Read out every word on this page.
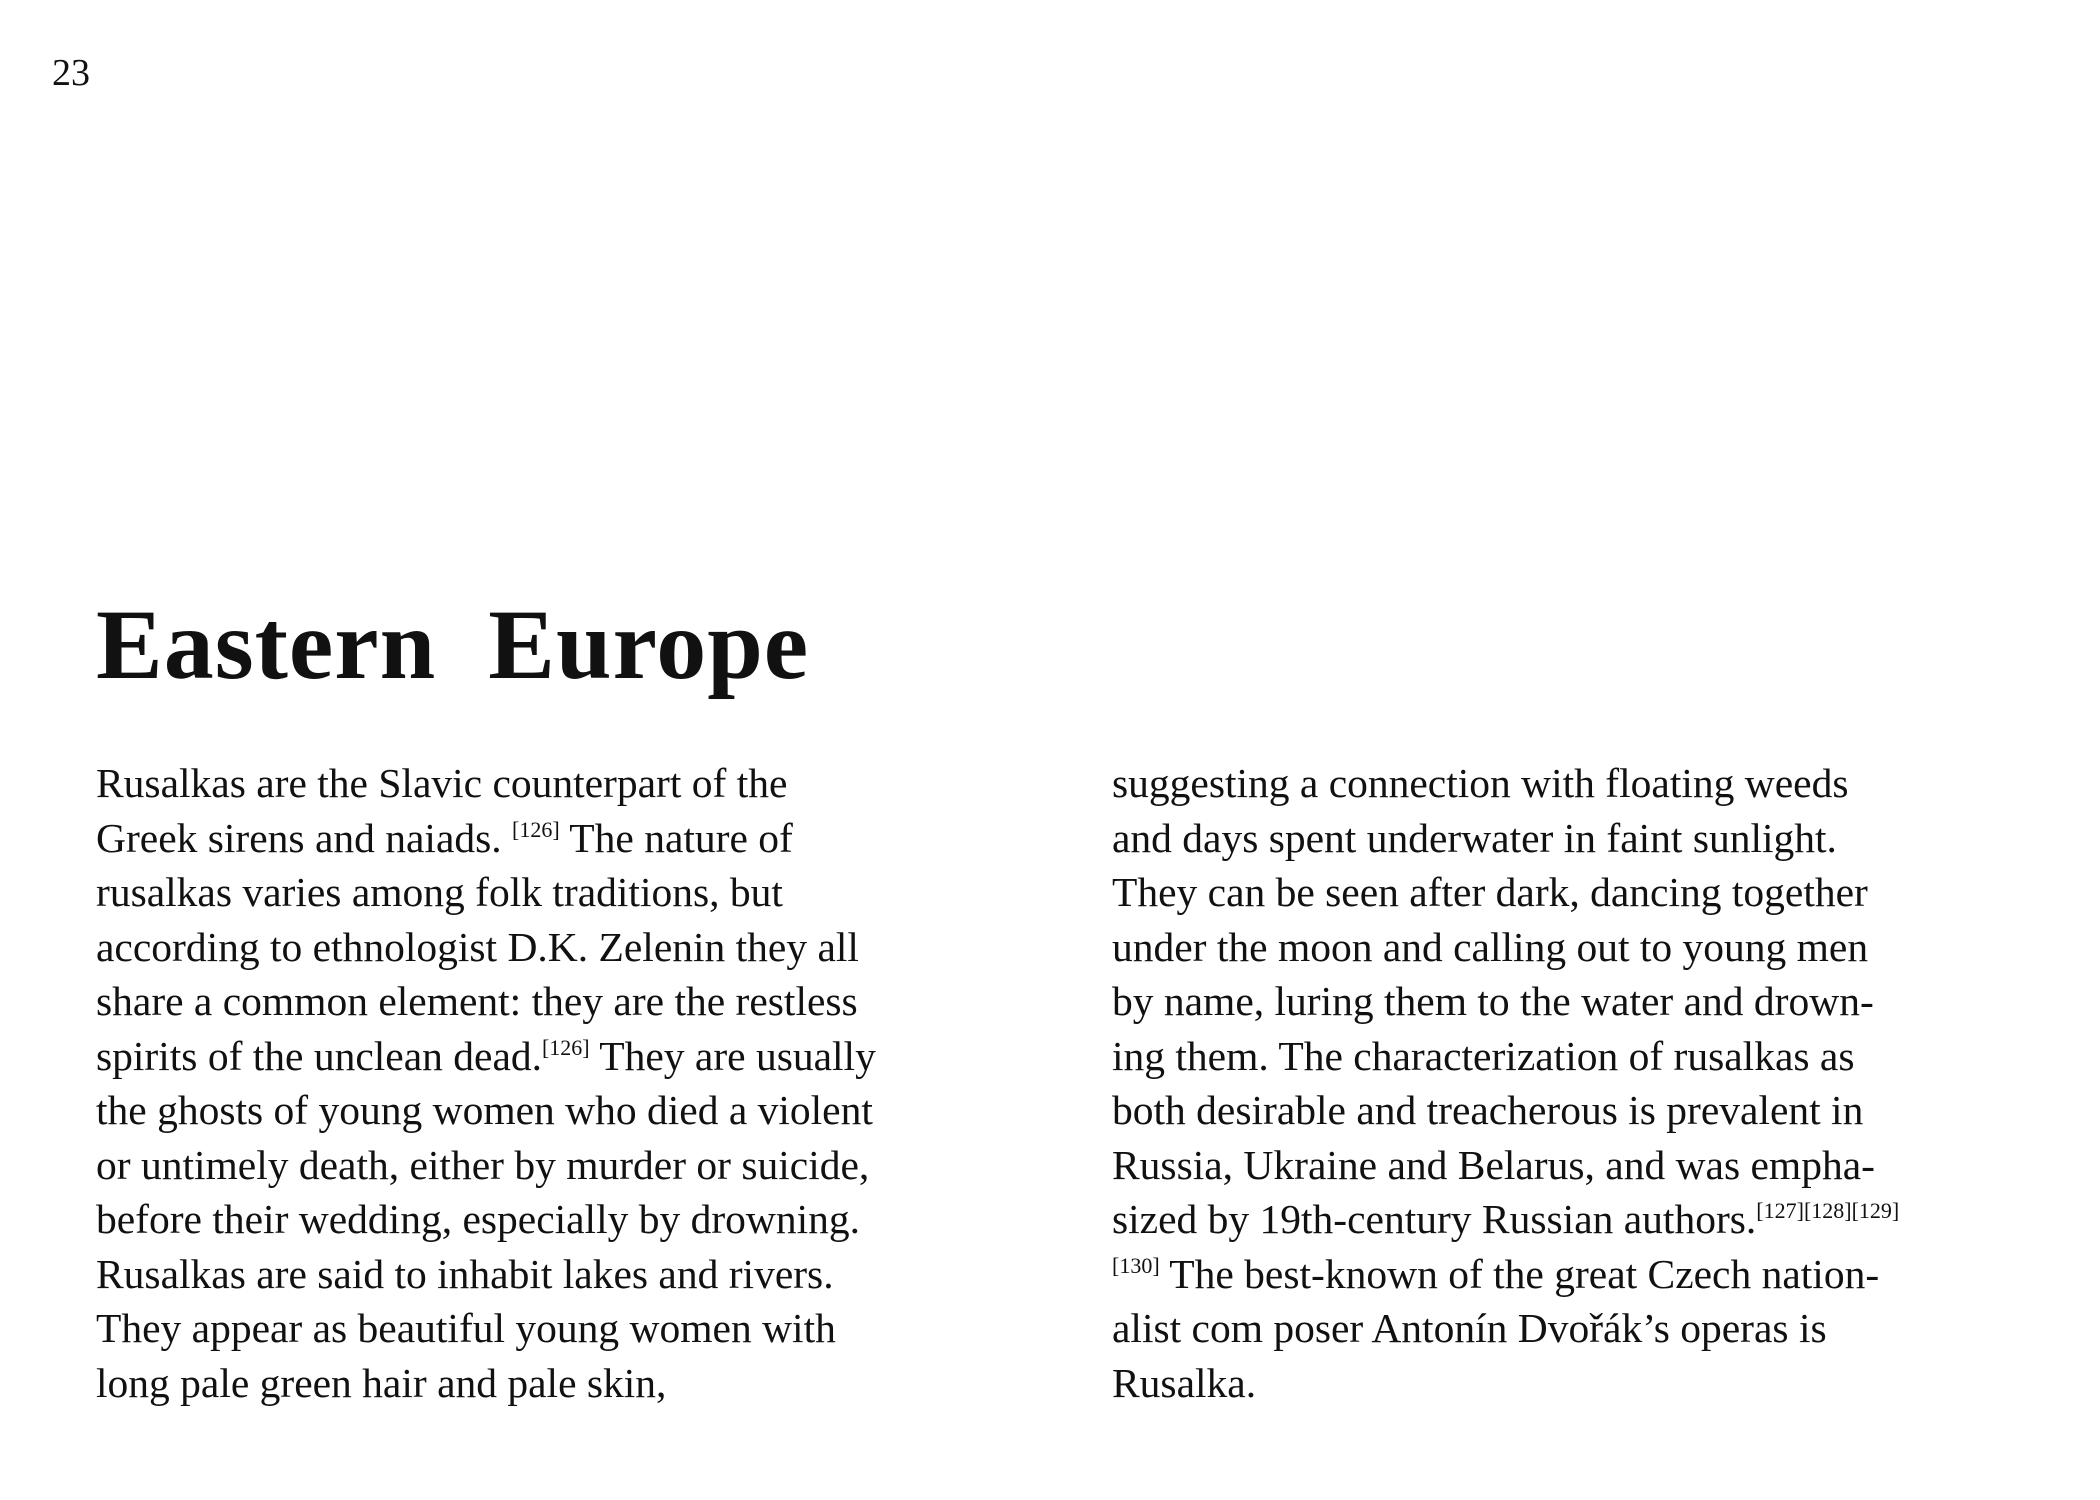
23
Eastern  Europe
Rusalkas are the Slavic counterpart of the
Greek sirens and naiads. [126] The nature of
rusalkas varies among folk traditions, but
according to ethnologist D.K. Zelenin they all
share a common element: they are the restless
spirits of the unclean dead.[126] They are usually
the ghosts of young women who died a violent
or untimely death, either by murder or suicide,
before their wedding, especially by drowning.
Rusalkas are said to inhabit lakes and rivers.
They appear as beautiful young women with
long pale green hair and pale skin,
suggesting a connection with floating weeds
and days spent underwater in faint sunlight.
They can be seen after dark, dancing together
under the moon and calling out to young men
by name, luring them to the water and drown-
ing them. The characterization of rusalkas as
both desirable and treacherous is prevalent in
Russia, Ukraine and Belarus, and was empha-
sized by 19th-century Russian authors.[127][128][129]
[130] The best-known of the great Czech nation-
alist com poser Antonín Dvořák’s operas is
Rusalka.
